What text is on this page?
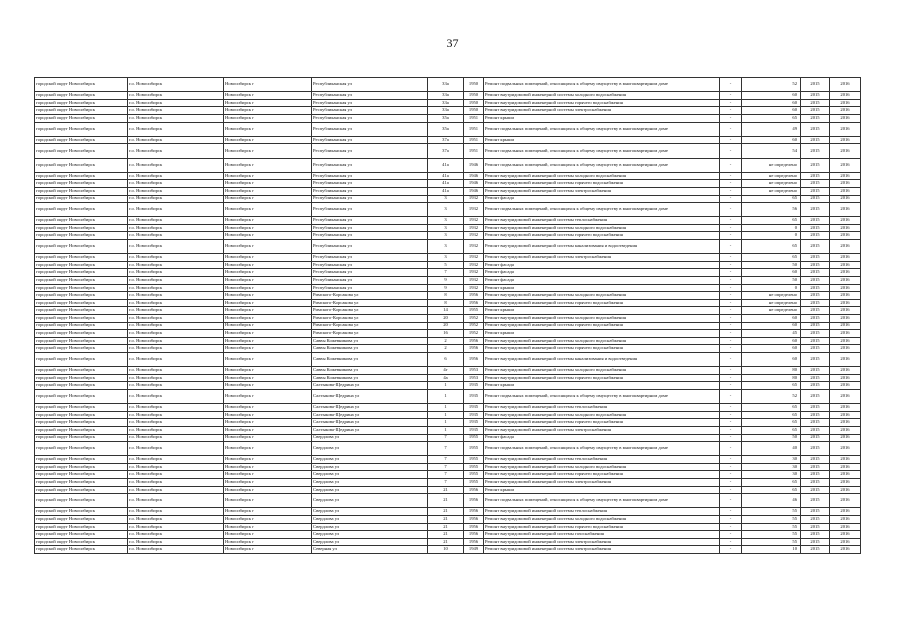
37
городской округ Новосибирск	г.о. Новосибирск	Новосибирск г	Республиканская ул	33а	1950	Ремонт подвальных помещений, относящихся к общему имуществу в многоквартирном доме	-	52	2015	2016
городской округ Новосибирск	г.о. Новосибирск	Новосибирск г	Республиканская ул	33а	1950	Ремонт внутридомовой инженерной системы холодного водоснабжения	-	60	2015	2016
городской округ Новосибирск	г.о. Новосибирск	Новосибирск г	Республиканская ул	33а	1950	Ремонт внутридомовой инженерной системы горячего водоснабжения	-	60	2015	2016
городской округ Новосибирск	г.о. Новосибирск	Новосибирск г	Республиканская ул	33а	1950	Ремонт внутридомовой инженерной системы электроснабжения	-	60	2015	2016
городской округ Новосибирск	г.о. Новосибирск	Новосибирск г	Республиканская ул	35а	1951	Ремонт крыши	-	65	2015	2016
городской округ Новосибирск	г.о. Новосибирск	Новосибирск г	Республиканская ул	35а	1951	Ремонт подвальных помещений, относящихся к общему имуществу в многоквартирном доме	-	49	2015	2016
городской округ Новосибирск	г.о. Новосибирск	Новосибирск г	Республиканская ул	37а	1951	Ремонт крыши	-	60	2015	2016
городской округ Новосибирск	г.о. Новосибирск	Новосибирск г	Республиканская ул	37а	1951	Ремонт подвальных помещений, относящихся к общему имуществу в многоквартирном доме	-	54	2015	2016
городской округ Новосибирск	г.о. Новосибирск	Новосибирск г	Республиканская ул	41а	1946	Ремонт подвальных помещений, относящихся к общему имуществу в многоквартирном доме	-	не определено	2015	2016
городской округ Новосибирск	г.о. Новосибирск	Новосибирск г	Республиканская ул	41а	1946	Ремонт внутридомовой инженерной системы холодного водоснабжения	-	не определено	2015	2016
городской округ Новосибирск	г.о. Новосибирск	Новосибирск г	Республиканская ул	41а	1946	Ремонт внутридомовой инженерной системы горячего водоснабжения	-	не определено	2015	2016
городской округ Новосибирск	г.о. Новосибирск	Новосибирск г	Республиканская ул	41а	1946	Ремонт внутридомовой инженерной системы электроснабжения	-	не определено	2015	2016
городской округ Новосибирск	г.о. Новосибирск	Новосибирск г	Республиканская ул	3	1932	Ремонт фасада	-	65	2015	2016
городской округ Новосибирск	г.о. Новосибирск	Новосибирск г	Республиканская ул	3	1932	Ремонт подвальных помещений, относящихся к общему имуществу в многоквартирном доме	-	56	2015	2016
городской округ Новосибирск	г.о. Новосибирск	Новосибирск г	Республиканская ул	3	1932	Ремонт внутридомовой инженерной системы теплоснабжения	-	65	2015	2016
городской округ Новосибирск	г.о. Новосибирск	Новосибирск г	Республиканская ул	3	1932	Ремонт внутридомовой инженерной системы холодного водоснабжения	-	0	2015	2016
городской округ Новосибирск	г.о. Новосибирск	Новосибирск г	Республиканская ул	3	1932	Ремонт внутридомовой инженерной системы горячего водоснабжения	-	0	2015	2016
городской округ Новосибирск	г.о. Новосибирск	Новосибирск г	Республиканская ул	3	1932	Ремонт внутридомовой инженерной системы канализования и водоотведения	-	65	2015	2016
городской округ Новосибирск	г.о. Новосибирск	Новосибирск г	Республиканская ул	3	1932	Ремонт внутридомовой инженерной системы электроснабжения	-	65	2015	2016
городской округ Новосибирск	г.о. Новосибирск	Новосибирск г	Республиканская ул	5	1932	Ремонт фасада	-	50	2015	2016
городской округ Новосибирск	г.о. Новосибирск	Новосибирск г	Республиканская ул	7	1932	Ремонт фасада	-	60	2015	2016
городской округ Новосибирск	г.о. Новосибирск	Новосибирск г	Республиканская ул	9	1932	Ремонт фасада	-	50	2015	2016
городской округ Новосибирск	г.о. Новосибирск	Новосибирск г	Республиканская ул	9	1932	Ремонт крыши	-	0	2015	2016
городской округ Новосибирск	г.о. Новосибирск	Новосибирск г	Римского-Корсакова ул	8	1956	Ремонт внутридомовой инженерной системы холодного водоснабжения	-	не определено	2015	2016
городской округ Новосибирск	г.о. Новосибирск	Новосибирск г	Римского-Корсакова ул	8	1956	Ремонт внутридомовой инженерной системы горячего водоснабжения	-	не определено	2015	2016
городской округ Новосибирск	г.о. Новосибирск	Новосибирск г	Римского-Корсакова ул	14	1955	Ремонт крыши	-	не определено	2015	2016
городской округ Новосибирск	г.о. Новосибирск	Новосибирск г	Римского-Корсакова ул	20	1952	Ремонт внутридомовой инженерной системы холодного водоснабжения	-	60	2015	2016
городской округ Новосибирск	г.о. Новосибирск	Новосибирск г	Римского-Корсакова ул	20	1952	Ремонт внутридомовой инженерной системы горячего водоснабжения	-	60	2015	2016
городской округ Новосибирск	г.о. Новосибирск	Новосибирск г	Римского-Корсакова ул	16	1952	Ремонт крыши	-	45	2015	2016
городской округ Новосибирск	г.о. Новосибирск	Новосибирск г	Саввы Кожевникова ул	2	1956	Ремонт внутридомовой инженерной системы холодного водоснабжения	-	60	2015	2016
городской округ Новосибирск	г.о. Новосибирск	Новосибирск г	Саввы Кожевникова ул	2	1956	Ремонт внутридомовой инженерной системы горячего водоснабжения	-	60	2015	2016
городской округ Новосибирск	г.о. Новосибирск	Новосибирск г	Саввы Кожевникова ул	6	1956	Ремонт внутридомовой инженерной системы канализования и водоотведения	-	60	2015	2016
городской округ Новосибирск	г.о. Новосибирск	Новосибирск г	Саввы Кожевникова ул	4г	1953	Ремонт внутридомовой инженерной системы холодного водоснабжения	-	80	2015	2016
городской округ Новосибирск	г.о. Новосибирск	Новосибирск г	Саввы Кожевникова ул	4а	1953	Ремонт внутридомовой инженерной системы горячего водоснабжения	-	80	2015	2016
городской округ Новосибирск	г.о. Новосибирск	Новосибирск г	Салтыкова-Щедрина ул	1	1935	Ремонт крыши	-	65	2015	2016
городской округ Новосибирск	г.о. Новосибирск	Новосибирск г	Салтыкова-Щедрина ул	1	1935	Ремонт подвальных помещений, относящихся к общему имуществу в многоквартирном доме	-	52	2015	2016
городской округ Новосибирск	г.о. Новосибирск	Новосибирск г	Салтыкова-Щедрина ул	1	1935	Ремонт внутридомовой инженерной системы теплоснабжения	-	65	2015	2016
городской округ Новосибирск	г.о. Новосибирск	Новосибирск г	Салтыкова-Щедрина ул	1	1935	Ремонт внутридомовой инженерной системы холодного водоснабжения	-	65	2015	2016
городской округ Новосибирск	г.о. Новосибирск	Новосибирск г	Салтыкова-Щедрина ул	1	1935	Ремонт внутридомовой инженерной системы горячего водоснабжения	-	65	2015	2016
городской округ Новосибирск	г.о. Новосибирск	Новосибирск г	Салтыкова-Щедрина ул	1	1935	Ремонт внутридомовой инженерной системы электроснабжения	-	65	2015	2016
городской округ Новосибирск	г.о. Новосибирск	Новосибирск г	Свердлова ул	7	1955	Ремонт фасада	-	50	2015	2016
городской округ Новосибирск	г.о. Новосибирск	Новосибирск г	Свердлова ул	7	1955	Ремонт подвальных помещений, относящихся к общему имуществу в многоквартирном доме	-	40	2015	2016
городской округ Новосибирск	г.о. Новосибирск	Новосибирск г	Свердлова ул	7	1955	Ремонт внутридомовой инженерной системы теплоснабжения	-	30	2015	2016
городской округ Новосибирск	г.о. Новосибирск	Новосибирск г	Свердлова ул	7	1955	Ремонт внутридомовой инженерной системы холодного водоснабжения	-	30	2015	2016
городской округ Новосибирск	г.о. Новосибирск	Новосибирск г	Свердлова ул	7	1955	Ремонт внутридомовой инженерной системы горячего водоснабжения	-	30	2015	2016
городской округ Новосибирск	г.о. Новосибирск	Новосибирск г	Свердлова ул	7	1955	Ремонт внутридомовой инженерной системы электроснабжения	-	65	2015	2016
городской округ Новосибирск	г.о. Новосибирск	Новосибирск г	Свердлова ул	21	1956	Ремонт крыши	-	65	2015	2016
городской округ Новосибирск	г.о. Новосибирск	Новосибирск г	Свердлова ул	21	1956	Ремонт подвальных помещений, относящихся к общему имуществу в многоквартирном доме	-	46	2015	2016
городской округ Новосибирск	г.о. Новосибирск	Новосибирск г	Свердлова ул	21	1956	Ремонт внутридомовой инженерной системы теплоснабжения	-	55	2015	2016
городской округ Новосибирск	г.о. Новосибирск	Новосибирск г	Свердлова ул	21	1956	Ремонт внутридомовой инженерной системы холодного водоснабжения	-	55	2015	2016
городской округ Новосибирск	г.о. Новосибирск	Новосибирск г	Свердлова ул	21	1956	Ремонт внутридомовой инженерной системы горячего водоснабжения	-	55	2015	2016
городской округ Новосибирск	г.о. Новосибирск	Новосибирск г	Свердлова ул	21	1956	Ремонт внутридомовой инженерной системы газоснабжения	-	55	2015	2016
городской округ Новосибирск	г.о. Новосибирск	Новосибирск г	Свердлова ул	21	1956	Ремонт внутридомовой инженерной системы электроснабжения	-	55	2015	2016
городской округ Новосибирск	г.о. Новосибирск	Новосибирск г	Северная ул	10	1949	Ремонт внутридомовой инженерной системы электроснабжения	-	10	2015	2016
